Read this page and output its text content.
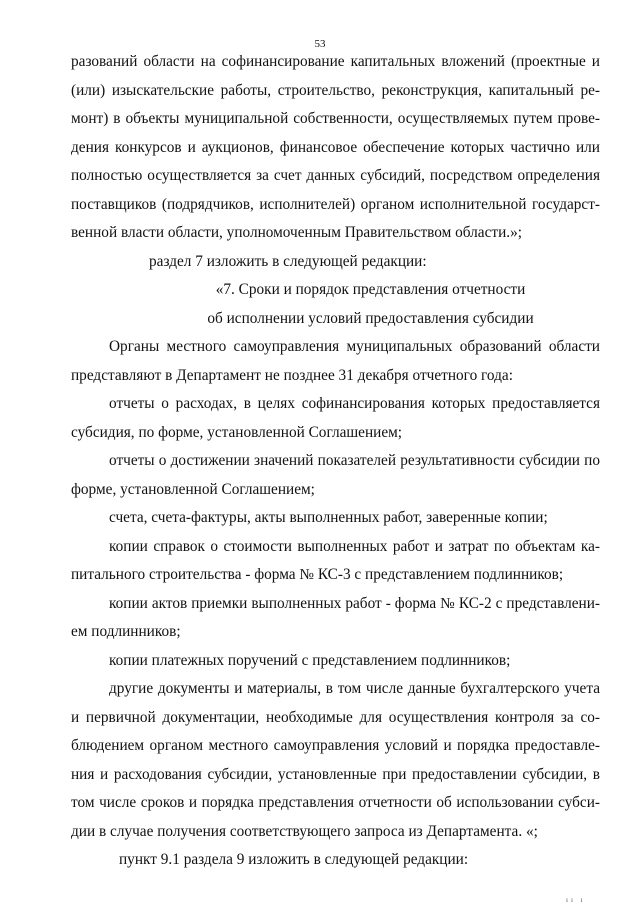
53
разований области на софинансирование капитальных вложений (проектные и
(или) изыскательские работы, строительство, реконструкция, капитальный ре-
монт) в объекты муниципальной собственности, осуществляемых путем прове-
дения конкурсов и аукционов, финансовое обеспечение которых частично или
полностью осуществляется за счет данных субсидий, посредством определения
поставщиков (подрядчиков, исполнителей) органом исполнительной государст-
венной власти области, уполномоченным Правительством области.»;
раздел 7 изложить в следующей редакции:
«7. Сроки и порядок представления отчетности
об исполнении условий предоставления субсидии
Органы местного самоуправления муниципальных образований области
представляют в Департамент не позднее 31 декабря отчетного года:
отчеты о расходах, в целях софинансирования которых предоставляется
субсидия, по форме, установленной Соглашением;
отчеты о достижении значений показателей результативности субсидии по
форме, установленной Соглашением;
счета, счета-фактуры, акты выполненных работ, заверенные копии;
копии справок о стоимости выполненных работ и затрат по объектам ка-
питального строительства - форма № КС-3 с представлением подлинников;
копии актов приемки выполненных работ - форма № КС-2 с представлени-
ем подлинников;
копии платежных поручений с представлением подлинников;
другие документы и материалы, в том числе данные бухгалтерского учета
и первичной документации, необходимые для осуществления контроля за со-
блюдением органом местного самоуправления условий и порядка предоставле-
ния и расходования субсидии, установленные при предоставлении субсидии, в
том числе сроков и порядка представления отчетности об использовании субси-
дии в случае получения соответствующего запроса из Департамента. «;
пункт 9.1 раздела 9 изложить в следующей редакции:
ıı ı
